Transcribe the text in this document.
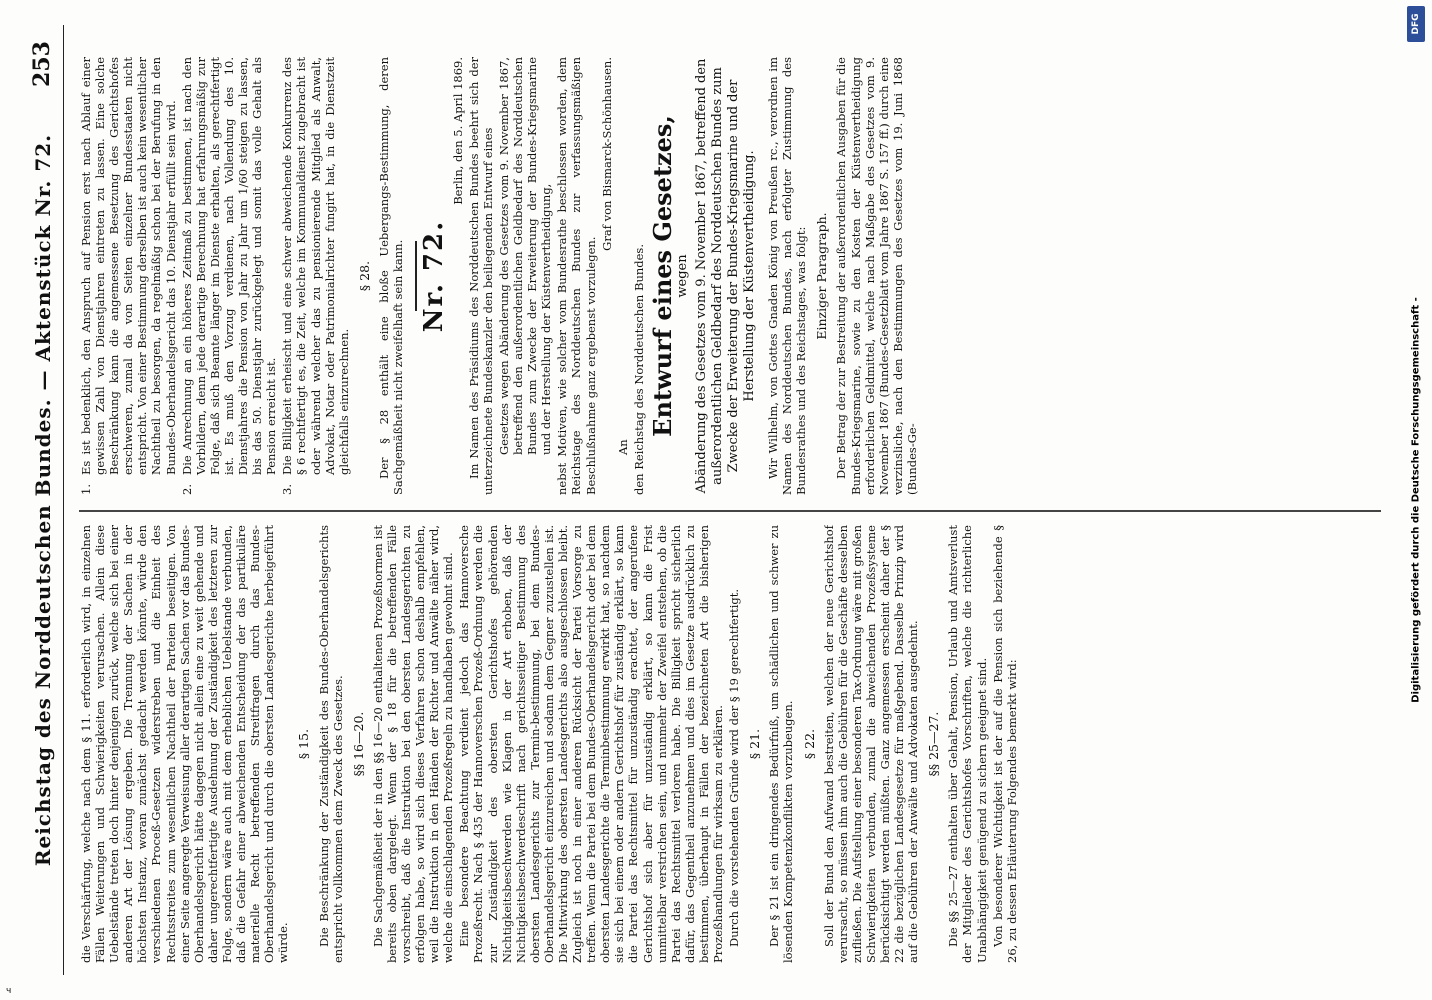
Reichstag des Norddeutschen Bundes. — Aktenstück Nr. 72.
253

die Verschärfung, welche nach dem § 11. erforderlich wird, in einzelnen Fällen Weiterungen und Schwierigkeiten verursachen. Allein diese Uebelstände treten doch hinter denjenigen zurück, welche sich bei einer anderen Art der Lösung ergeben. Die Trennung der Sachen in der höchsten Instanz, woran zunächst gedacht werden könnte, würde den verschiedenen Proceß-Gesetzen widerstreben und die Einheit des Rechtsstreites zum wesentlichen Nachtheil der Parteien beseitigen. Von einer Seite angeregte Verweisung aller derartigen Sachen vor das Bundes-Oberhandelsgericht hätte dagegen nicht allein eine zu weit gehende und daher ungerechtfertigte Ausdehnung der Zuständigkeit des letzteren zur Folge, sondern wäre auch mit dem erheblichen Uebelstande verbunden, daß die Gefahr einer abweichenden Entscheidung der das partikuläre materielle Recht betreffenden Streitfragen durch das Bundes-Oberhandelsgericht und durch die obersten Landesgerichte herbeigeführt würde.

§ 15. Die Beschränkung der Zuständigkeit des Bundes-Oberhandelsgerichts entspricht vollkommen dem Zweck des Gesetzes. §§ 16—20. Die Sachgemäßheit der in den §§ 16—20 enthaltenen Prozeßnormen ist bereits oben dargelegt. Wenn der § 18 für die betreffenden Fälle vorschreibt, daß die Instruktion bei den obersten Landesgerichten zu erfolgen habe, so wird sich dieses Verfahren schon deshalb empfehlen, weil die Instruktion in den Händen der Richter und Anwälte näher wird, welche die einschlagenden Prozeßregeln zu handhaben gewohnt sind. Eine besondere Beachtung verdient jedoch das Hannoversche Prozeßrecht. Nach § 435 der Hannoverschen Prozeß-Ordnung werden die zur Zuständigkeit des obersten Gerichtshofes gehörenden Nichtigkeitsbeschwerden wie Klagen in der Art erhoben, daß der Nichtigkeitsbeschwerdeschrift nach gerichtsseitiger Bestimmung des obersten Landesgerichts zur Termin-bestimmung, bei dem Bundes-Oberhandelsgericht einzureichen und sodann dem Gegner zuzustellen ist. Die Mitwirkung des obersten Landesgerichts also ausgeschlossen bleibt. Zugleich ist noch in einer anderen Rücksicht der Partei Vorsorge zu treffen. Wenn die Partei bei dem Bundes-Oberhandelsgericht oder bei dem obersten Landesgerichte die Terminbestimmung erwirkt hat, so nachdem sie sich bei einem oder andern Gerichtshof für zuständig erklärt, so kann die Partei das Rechtsmittel für unzuständig erachtet, der angerufene Gerichtshof sich aber für unzuständig erklärt, so kann die Frist unmittelbar verstrichen sein, und nunmehr der Zweifel entstehen, ob die Partei das Rechtsmittel verloren habe. Die Billigkeit spricht sicherlich dafür, das Gegentheil anzunehmen und dies im Gesetze ausdrücklich zu bestimmen, überhaupt in Fällen der bezeichneten Art die bisherigen Prozeßhandlungen für wirksam zu erklären. Durch die vorstehenden Gründe wird der § 19 gerechtfertigt. § 21. Der § 21 ist ein dringendes Bedürfniß, um schädlichen und schwer zu lösenden Kompetenzkonflikten vorzubeugen. § 22. Soll der Bund den Aufwand bestreiten, welchen der neue Gerichtshof verursacht, so müssen ihm auch die Gebühren für die Geschäfte desselben zufließen. Die Aufstellung einer besonderen Tax-Ordnung wäre mit großen Schwierigkeiten verbunden, zumal die abweichenden Prozeßsysteme berücksichtigt werden müßten. Ganz angemessen erscheint daher der § 22 die bezüglichen Landesgesetze für maßgebend. Dasselbe Prinzip wird auf die Gebühren der Anwälte und Advokaten ausgedehnt. §§ 25—27. Die §§ 25—27 enthalten über Gehalt, Pension, Urlaub und Amtsverlust der Mitglieder des Gerichtshofes Vorschriften, welche die richterliche Unabhängigkeit genügend zu sichern geeignet sind. Von besonderer Wichtigkeit ist der auf die Pension sich beziehende § 26, zu dessen Erläuterung Folgendes bemerkt wird:

1.
Es ist bedenklich, den Anspruch auf Pension erst nach Ablauf einer gewissen Zahl von Dienstjahren eintreten zu lassen. Eine solche Beschränkung kann die angemessene Besetzung des Gerichtshofes erschweren, zumal da von Seiten einzelner Bundesstaaten nicht entspricht. Von einer Bestimmung derselben ist auch kein wesentlicher Nachtheil zu besorgen, da regelmäßig schon bei der Berufung in den Bundes-Oberhandelsgericht das 10. Dienstjahr erfüllt sein wird.
2.
Die Anrechnung an ein höheres Zeitmaß zu bestimmen, ist nach den Vorbildern, denn jede derartige Berechnung hat erfahrungsmäßig zur Folge, daß sich Beamte länger im Dienste erhalten, als gerechtfertigt ist. Es muß den Vorzug verdienen, nach Vollendung des 10. Dienstjahres die Pension von Jahr zu Jahr um 1/60 steigen zu lassen, bis das 50. Dienstjahr zurückgelegt und somit das volle Gehalt als Pension erreicht ist.
3.
Die Billigkeit erheischt und eine schwer abweichende Konkurrenz des § 6 rechtfertigt es, die Zeit, welche im Kommunaldienst zugebracht ist oder während welcher das zu pensionierende Mitglied als Anwalt, Advokat, Notar oder Patrimonialrichter fungirt hat, in die Dienstzeit gleichfalls einzurechnen.
§ 28. Der § 28 enthält eine bloße Uebergangs-Bestimmung, deren Sachgemäßheit nicht zweifelhaft sein kann. Nr. 72.

Berlin, den 5. April 1869. Im Namen des Präsidiums des Norddeutschen Bundes beehrt sich der unterzeichnete Bundeskanzler den beiliegenden Entwurf eines Gesetzes wegen Abänderung des Gesetzes vom 9. November 1867, betreffend den außerordentlichen Geldbedarf des Norddeutschen Bundes zum Zwecke der Erweiterung der Bundes-Kriegsmarine und der Herstellung der Küstenvertheidigung, nebst Motiven, wie solcher vom Bundesrathe beschlossen worden, dem Reichstage des Norddeutschen Bundes zur verfassungsmäßigen Beschlußnahme ganz ergebenst vorzulegen.

Graf von Bismarck-Schönhausen.

An den Reichstag des Norddeutschen Bundes. Entwurf eines Gesetzes,
wegen Abänderung des Gesetzes vom 9. November 1867, betreffend den außerordentlichen Geldbedarf des Norddeutschen Bundes zum Zwecke der Erweiterung der Bundes-Kriegsmarine und der Herstellung der Küstenvertheidigung. Wir Wilhelm, von Gottes Gnaden König von Preußen rc., verordnen im Namen des Norddeutschen Bundes, nach erfolgter Zustimmung des Bundesrathes und des Reichstages, was folgt: Einziger Paragraph. Der Betrag der zur Bestreitung der außerordentlichen Ausgaben für die Bundes-Kriegsmarine, sowie zu den Kosten der Küstenvertheidigung erforderlichen Geldmittel, welche nach Maßgabe des Gesetzes vom 9. November 1867 (Bundes-Gesetzblatt vom Jahre 1867 S. 157 ff.) durch eine verzinsliche, nach den Bestimmungen des Gesetzes vom 19. Juni 1868 (Bundes-Ge-	Digitalisierung gefördert durch die Deutsche Forschungsgemeinschaft -
DFG
ч
